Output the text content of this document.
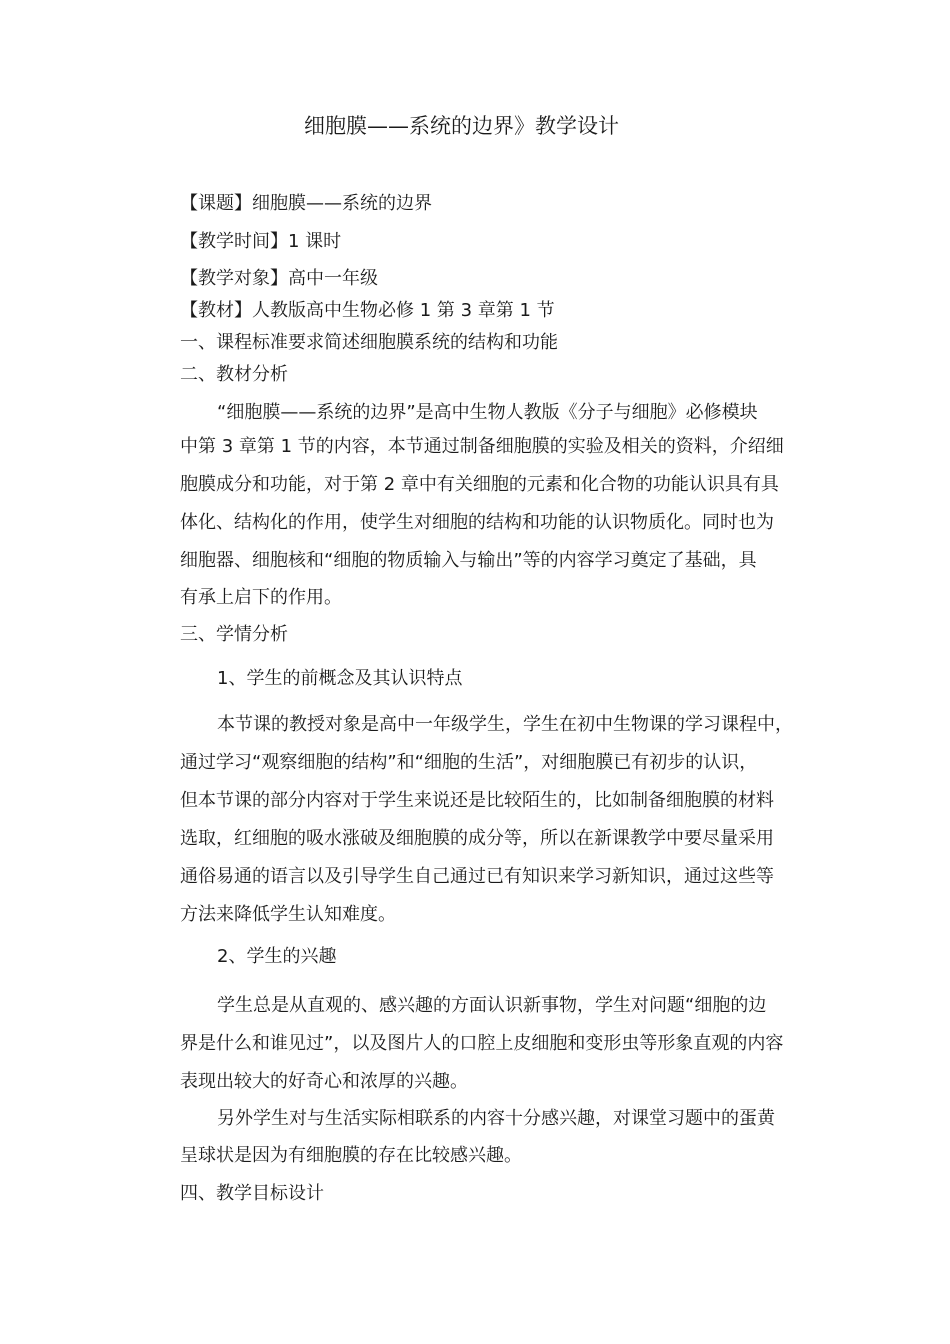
细胞膜——系统的边界》教学设计
【课题】细胞膜——系统的边界
【教学时间】1 课时
【教学对象】高中一年级
【教材】人教版高中生物必修 1 第 3 章第 1 节
一、课程标准要求简述细胞膜系统的结构和功能
二、教材分析
“细胞膜——系统的边界”是高中生物人教版《分子与细胞》必修模块
中第 3 章第 1 节的内容，本节通过制备细胞膜的实验及相关的资料，介绍细
胞膜成分和功能，对于第 2 章中有关细胞的元素和化合物的功能认识具有具
体化、结构化的作用，使学生对细胞的结构和功能的认识物质化。同时也为
细胞器、细胞核和“细胞的物质输入与输出”等的内容学习奠定了基础，具
有承上启下的作用。
三、学情分析
1、学生的前概念及其认识特点
本节课的教授对象是高中一年级学生，学生在初中生物课的学习课程中，
通过学习“观察细胞的结构”和“细胞的生活”，对细胞膜已有初步的认识，
但本节课的部分内容对于学生来说还是比较陌生的，比如制备细胞膜的材料
选取，红细胞的吸水涨破及细胞膜的成分等，所以在新课教学中要尽量采用
通俗易通的语言以及引导学生自己通过已有知识来学习新知识，通过这些等
方法来降低学生认知难度。
2、学生的兴趣
学生总是从直观的、感兴趣的方面认识新事物，学生对问题“细胞的边
界是什么和谁见过”，以及图片人的口腔上皮细胞和变形虫等形象直观的内容
表现出较大的好奇心和浓厚的兴趣。
另外学生对与生活实际相联系的内容十分感兴趣，对课堂习题中的蛋黄
呈球状是因为有细胞膜的存在比较感兴趣。
四、教学目标设计
